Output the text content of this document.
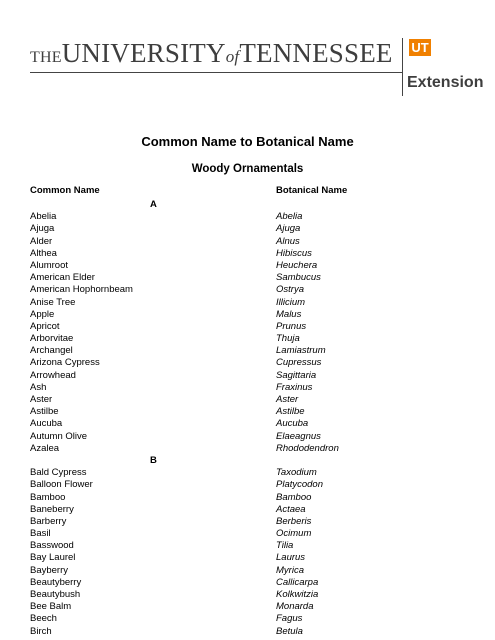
THEUNIVERSITYofTENNESSEE UT
Extension
Common Name to Botanical Name
Woody Ornamentals
Common Name	Botanical Name
A
Abelia	Abelia
Ajuga	Ajuga
Alder	Alnus
Althea	Hibiscus
Alumroot	Heuchera
American Elder	Sambucus
American Hophornbeam	Ostrya
Anise Tree	Illicium
Apple	Malus
Apricot	Prunus
Arborvitae	Thuja
Archangel	Lamiastrum
Arizona Cypress	Cupressus
Arrowhead	Sagittaria
Ash	Fraxinus
Aster	Aster
Astilbe	Astilbe
Aucuba	Aucuba
Autumn Olive	Elaeagnus
Azalea	Rhododendron
B
Bald Cypress	Taxodium
Balloon Flower	Platycodon
Bamboo	Bamboo
Baneberry	Actaea
Barberry	Berberis
Basil	Ocimum
Basswood	Tilia
Bay Laurel	Laurus
Bayberry	Myrica
Beautyberry	Callicarpa
Beautybush	Kolkwitzia
Bee Balm	Monarda
Beech	Fagus
Birch	Betula
